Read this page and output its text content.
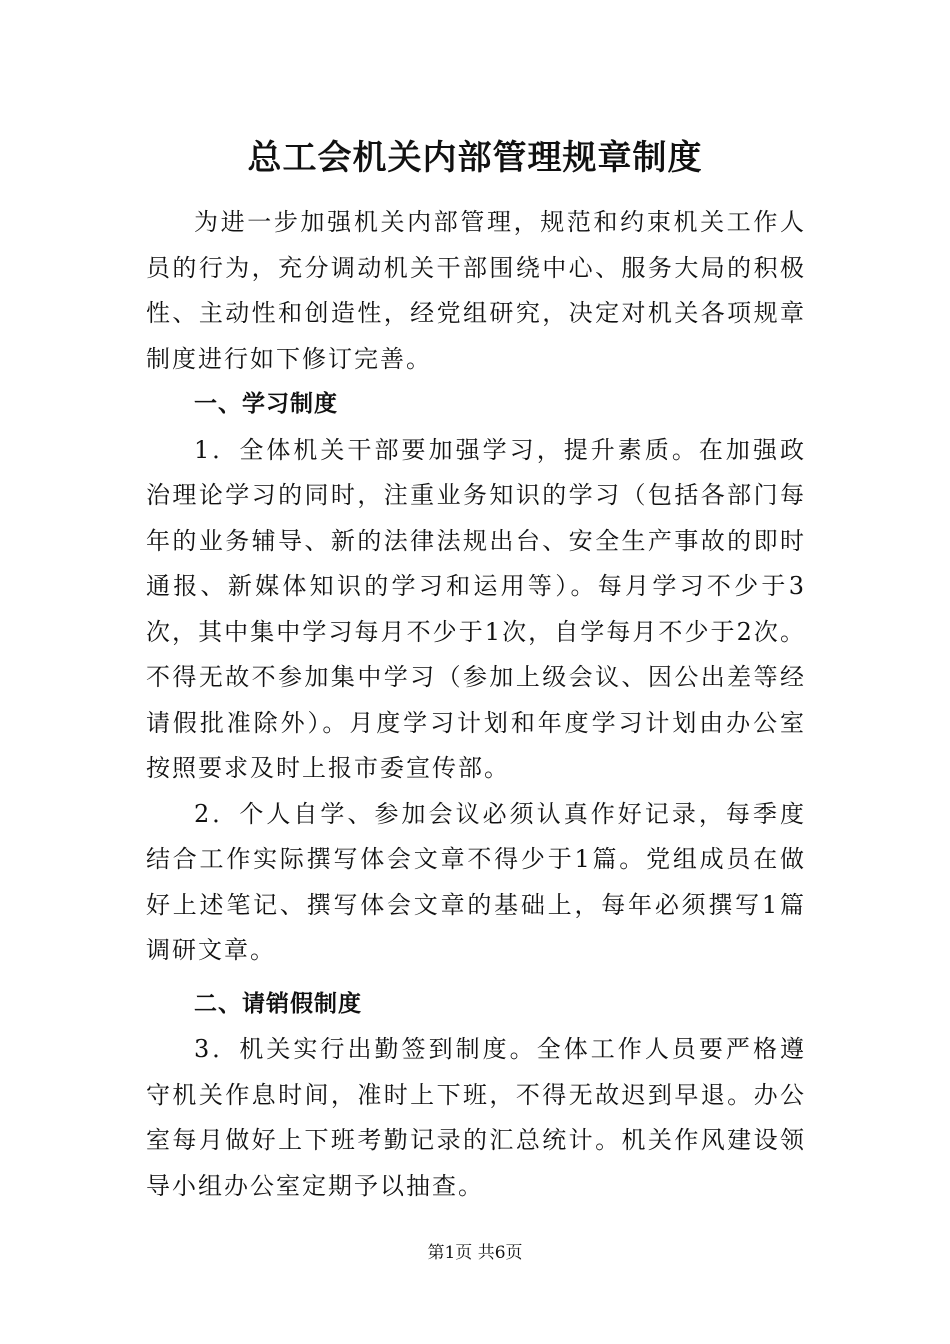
总工会机关内部管理规章制度

为进一步加强机关内部管理，规范和约束机关工作人员的行为，充分调动机关干部围绕中心、服务大局的积极性、主动性和创造性，经党组研究，决定对机关各项规章制度进行如下修订完善。

一、学习制度

1．全体机关干部要加强学习，提升素质。在加强政治理论学习的同时，注重业务知识的学习（包括各部门每年的业务辅导、新的法律法规出台、安全生产事故的即时通报、新媒体知识的学习和运用等）。每月学习不少于3次，其中集中学习每月不少于1次，自学每月不少于2次。不得无故不参加集中学习（参加上级会议、因公出差等经请假批准除外）。月度学习计划和年度学习计划由办公室按照要求及时上报市委宣传部。

2．个人自学、参加会议必须认真作好记录，每季度结合工作实际撰写体会文章不得少于1篇。党组成员在做好上述笔记、撰写体会文章的基础上，每年必须撰写1篇调研文章。

二、请销假制度

3．机关实行出勤签到制度。全体工作人员要严格遵守机关作息时间，准时上下班，不得无故迟到早退。办公室每月做好上下班考勤记录的汇总统计。机关作风建设领导小组办公室定期予以抽查。

第1页 共6页
